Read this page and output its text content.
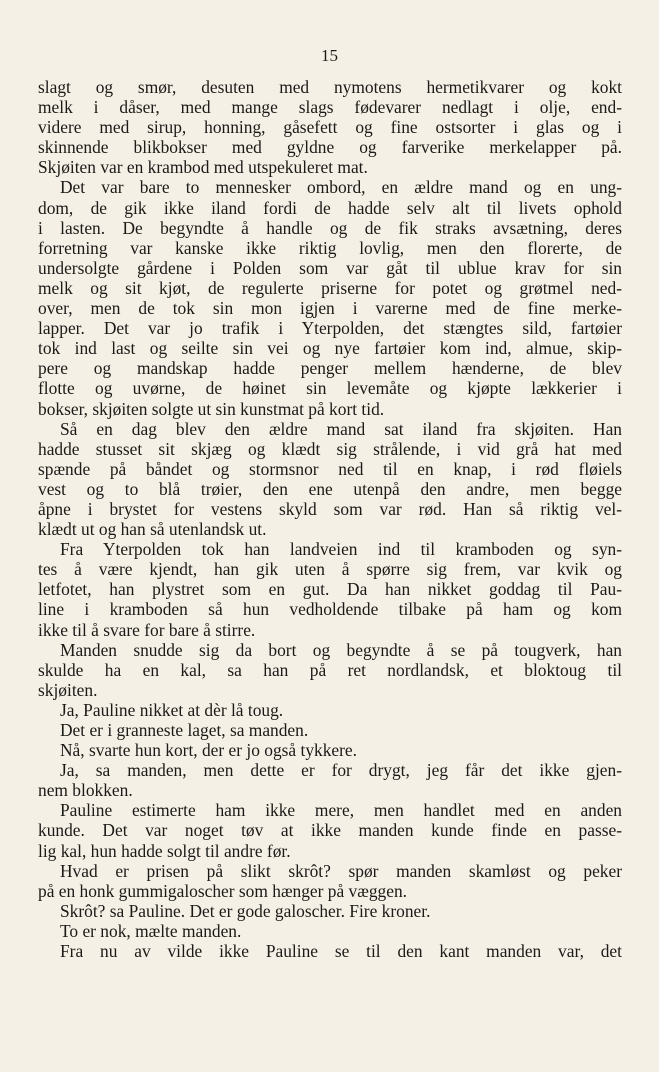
15
slagt og smør, desuten med nymotens hermetikvarer og kokt
melk i dåser, med mange slags fødevarer nedlagt i olje, end-
videre med sirup, honning, gåsefett og fine ostsorter i glas og i
skinnende blikbokser med gyldne og farverike merkelapper på.
Skjøiten var en krambod med utspekuleret mat.
Det var bare to mennesker ombord, en ældre mand og en ung-
dom, de gik ikke iland fordi de hadde selv alt til livets ophold
i lasten. De begyndte å handle og de fik straks avsætning, deres
forretning var kanske ikke riktig lovlig, men den florerte, de
undersolgte gårdene i Polden som var gåt til ublue krav for sin
melk og sit kjøt, de regulerte priserne for potet og grøtmel ned-
over, men de tok sin mon igjen i varerne med de fine merke-
lapper. Det var jo trafik i Yterpolden, det stængtes sild, fartøier
tok ind last og seilte sin vei og nye fartøier kom ind, almue, skip-
pere og mandskap hadde penger mellem hænderne, de blev
flotte og uvørne, de høinet sin levemåte og kjøpte lækkerier i
bokser, skjøiten solgte ut sin kunstmat på kort tid.
Så en dag blev den ældre mand sat iland fra skjøiten. Han
hadde stusset sit skjæg og klædt sig strålende, i vid grå hat med
spænde på båndet og stormsnor ned til en knap, i rød fløiels
vest og to blå trøier, den ene utenpå den andre, men begge
åpne i brystet for vestens skyld som var rød. Han så riktig vel-
klædt ut og han så utenlandsk ut.
Fra Yterpolden tok han landveien ind til kramboden og syn-
tes å være kjendt, han gik uten å spørre sig frem, var kvik og
letfotet, han plystret som en gut. Da han nikket goddag til Pau-
line i kramboden så hun vedholdende tilbake på ham og kom
ikke til å svare for bare å stirre.
Manden snudde sig da bort og begyndte å se på tougverk, han
skulde ha en kal, sa han på ret nordlandsk, et bloktoug til
skjøiten.
Ja, Pauline nikket at dèr lå toug.
Det er i granneste laget, sa manden.
Nå, svarte hun kort, der er jo også tykkere.
Ja, sa manden, men dette er for drygt, jeg får det ikke gjen-
nem blokken.
Pauline estimerte ham ikke mere, men handlet med en anden
kunde. Det var noget tøv at ikke manden kunde finde en passe-
lig kal, hun hadde solgt til andre før.
Hvad er prisen på slikt skrôt? spør manden skamløst og peker
på en honk gummigaloscher som hænger på væggen.
Skrôt? sa Pauline. Det er gode galoscher. Fire kroner.
To er nok, mælte manden.
Fra nu av vilde ikke Pauline se til den kant manden var, det
